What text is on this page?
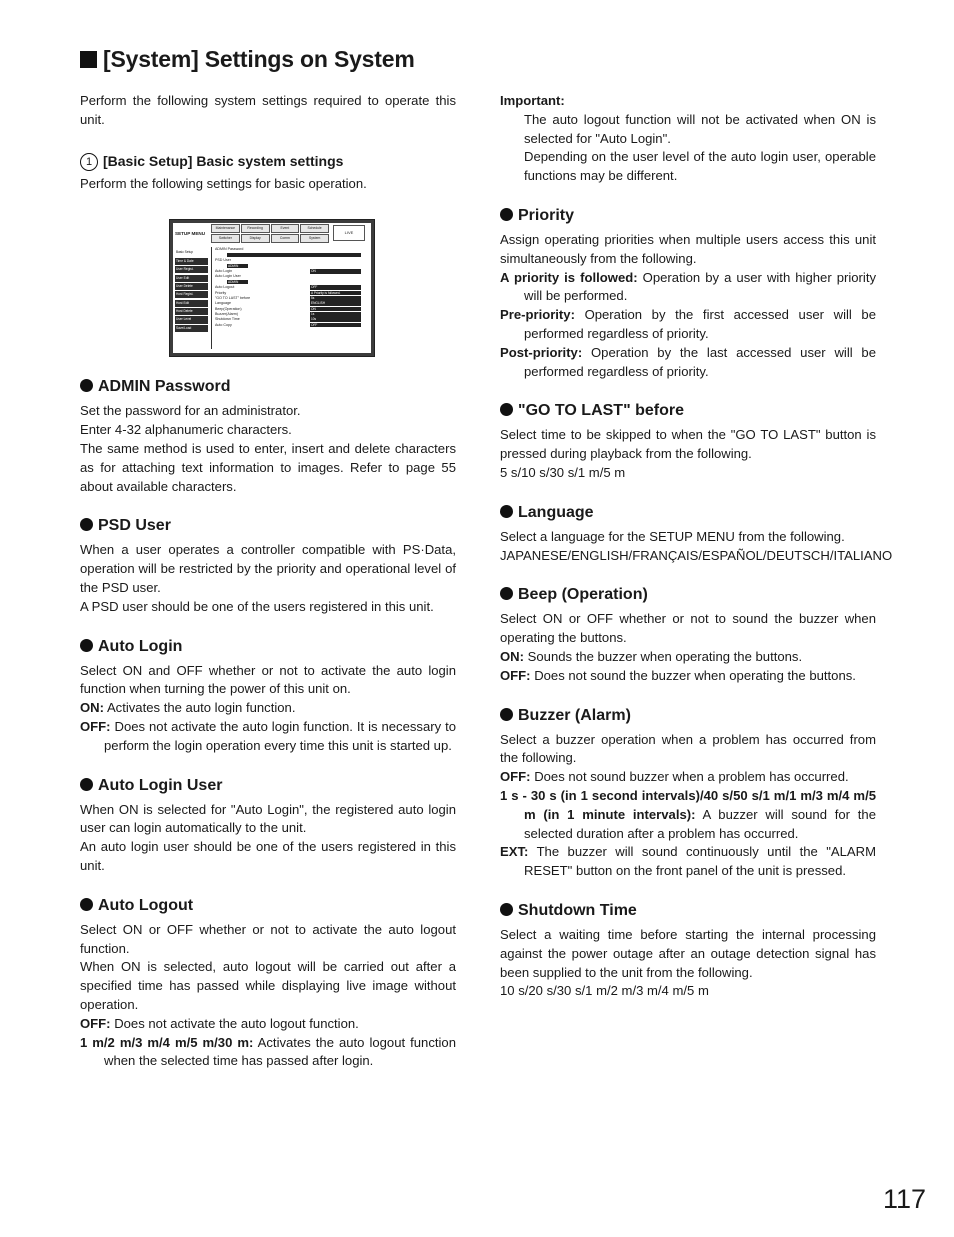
[System] Settings on System

Perform the following system settings required to operate this unit.

1 [Basic Setup] Basic system settings

Perform the following settings for basic operation.

SETUP MENU
Maintenance	Recording	Event	Schedule
Switcher	Display	Comm	System
LIVE
Basic Setup
Time & Date
User Regist.
User Edit
User Delete
Host Regist.
Host Edit
Host Delete
User Level
Save/Load
ADMIN Password
PSD User
ADMIN
Auto Login	ON
Auto Login User
ADMIN
Auto Logout	OFF
Priority	A Priority is followed.
"GO TO LAST" before	5s
Language	ENGLISH
Beep(Operation)	ON
Buzzer(Alarm)	1s
Shutdown Time	10s
Auto Copy	OFF
ADMIN Password

Set the password for an administrator.

Enter 4-32 alphanumeric characters.

The same method is used to enter, insert and delete characters as for attaching text information to images. Refer to page 55 about available characters.

PSD User

When a user operates a controller compatible with PS·Data, operation will be restricted by the priority and operational level of the PSD user.

A PSD user should be one of the users registered in this unit.

Auto Login

Select ON and OFF whether or not to activate the auto login function when turning the power of this unit on.

ON: Activates the auto login function.

OFF: Does not activate the auto login function. It is necessary to perform the login operation every time this unit is started up.

Auto Login User

When ON is selected for "Auto Login", the registered auto login user can login automatically to the unit.

An auto login user should be one of the users registered in this unit.

Auto Logout

Select ON or OFF whether or not to activate the auto logout function.

When ON is selected, auto logout will be carried out after a specified time has passed while displaying live image without operation.

OFF: Does not activate the auto logout function.

1 m/2 m/3 m/4 m/5 m/30 m: Activates the auto logout function when the selected time has passed after login.

Important:

The auto logout function will not be activated when ON is selected for "Auto Login".

Depending on the user level of the auto login user, operable functions may be different.

Priority

Assign operating priorities when multiple users access this unit simultaneously from the following.

A priority is followed: Operation by a user with higher priority will be performed.

Pre-priority: Operation by the first accessed user will be performed regardless of priority.

Post-priority: Operation by the last accessed user will be performed regardless of priority.

"GO TO LAST" before

Select time to be skipped to when the "GO TO LAST" button is pressed during playback from the following.

5 s/10 s/30 s/1 m/5 m

Language

Select a language for the SETUP MENU from the following.

JAPANESE/ENGLISH/FRANÇAIS/ESPAÑOL/DEUTSCH/ITALIANO

Beep (Operation)

Select ON or OFF whether or not to sound the buzzer when operating the buttons.

ON: Sounds the buzzer when operating the buttons.

OFF: Does not sound the buzzer when operating the buttons.

Buzzer (Alarm)

Select a buzzer operation when a problem has occurred from the following.

OFF: Does not sound buzzer when a problem has occurred.

1 s - 30 s (in 1 second intervals)/40 s/50 s/1 m/1 m/3 m/4 m/5 m (in 1 minute intervals): A buzzer will sound for the selected duration after a problem has occurred.

EXT: The buzzer will sound continuously until the "ALARM RESET" button on the front panel of the unit is pressed.

Shutdown Time

Select a waiting time before starting the internal processing against the power outage after an outage detection signal has been supplied to the unit from the following.

10 s/20 s/30 s/1 m/2 m/3 m/4 m/5 m

117
